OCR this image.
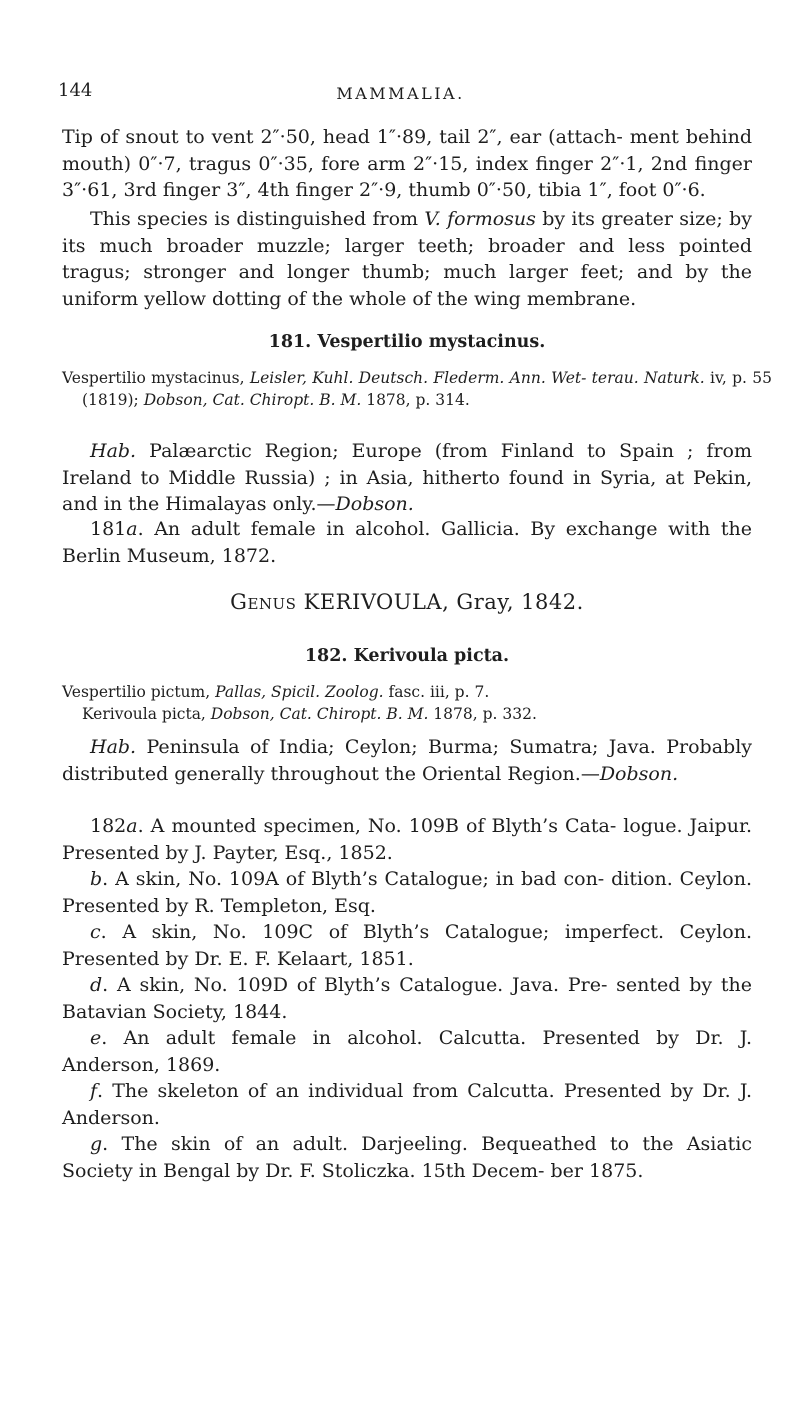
144	MAMMALIA.

Tip of snout to vent 2″·50, head 1″·89, tail 2″, ear (attach- ment behind mouth) 0″·7, tragus 0″·35, fore arm 2″·15, index finger 2″·1, 2nd finger 3″·61, 3rd finger 3″, 4th finger 2″·9, thumb 0″·50, tibia 1″, foot 0″·6.

This species is distinguished from V. formosus by its greater size; by its much broader muzzle; larger teeth; broader and less pointed tragus; stronger and longer thumb; much larger feet; and by the uniform yellow dotting of the whole of the wing membrane.

181. Vespertilio mystacinus.

Vespertilio mystacinus, Leisler, Kuhl. Deutsch. Flederm. Ann. Wet- terau. Naturk. iv, p. 55 (1819); Dobson, Cat. Chiropt. B. M. 1878, p. 314.

Hab. Palæarctic Region; Europe (from Finland to Spain ; from Ireland to Middle Russia) ; in Asia, hitherto found in Syria, at Pekin, and in the Himalayas only.—Dobson.

181a. An adult female in alcohol. Gallicia. By exchange with the Berlin Museum, 1872.

Genus KERIVOULA, Gray, 1842.

182. Kerivoula picta.

Vespertilio pictum, Pallas, Spicil. Zoolog. fasc. iii, p. 7.
Kerivoula picta, Dobson, Cat. Chiropt. B. M. 1878, p. 332.

Hab. Peninsula of India; Ceylon; Burma; Sumatra; Java. Probably distributed generally throughout the Oriental Region.—Dobson.

182a. A mounted specimen, No. 109B of Blyth’s Cata- logue. Jaipur. Presented by J. Payter, Esq., 1852.

b. A skin, No. 109A of Blyth’s Catalogue; in bad con- dition. Ceylon. Presented by R. Templeton, Esq.

c. A skin, No. 109C of Blyth’s Catalogue; imperfect. Ceylon. Presented by Dr. E. F. Kelaart, 1851.

d. A skin, No. 109D of Blyth’s Catalogue. Java. Pre- sented by the Batavian Society, 1844.

e. An adult female in alcohol. Calcutta. Presented by Dr. J. Anderson, 1869.

f. The skeleton of an individual from Calcutta. Presented by Dr. J. Anderson.

g. The skin of an adult. Darjeeling. Bequeathed to the Asiatic Society in Bengal by Dr. F. Stoliczka. 15th Decem- ber 1875.
